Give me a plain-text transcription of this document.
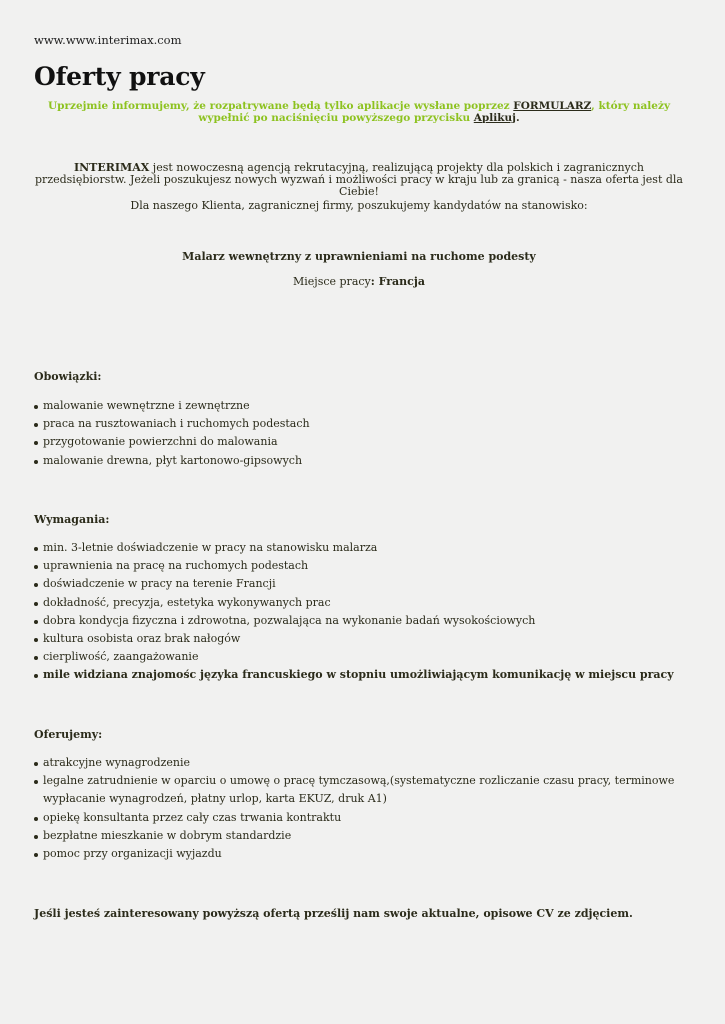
www.www.interimax.com
Oferty pracy
Uprzejmie informujemy, że rozpatrywane będą tylko aplikacje wysłane poprzez FORMULARZ, który należy wypełnić po naciśnięciu powyższego przycisku Aplikuj.
INTERIMAX jest nowoczesną agencją rekrutacyjną, realizującą projekty dla polskich i zagranicznych przedsiębiorstw. Jeżeli poszukujesz nowych wyzwań i możliwości pracy w kraju lub za granicą - nasza oferta jest dla Ciebie!
Dla naszego Klienta, zagranicznej firmy, poszukujemy kandydatów na stanowisko:
Malarz wewnętrzny z uprawnieniami na ruchome podesty
Miejsce pracy: Francja
Obowiązki:
malowanie wewnętrzne i zewnętrzne
praca na rusztowaniach i ruchomych podestach
przygotowanie powierzchni do malowania
malowanie drewna, płyt kartonowo-gipsowych
Wymagania:
min. 3-letnie doświadczenie w pracy na stanowisku malarza
uprawnienia na pracę na ruchomych podestach
doświadczenie w pracy na terenie Francji
dokładność, precyzja, estetyka wykonywanych prac
dobra kondycja fizyczna i zdrowotna, pozwalająca na wykonanie badań wysokościowych
kultura osobista oraz brak nałogów
cierpliwość, zaangażowanie
mile widziana znajomośc języka francuskiego w stopniu umożliwiającym komunikację w miejscu pracy
Oferujemy:
atrakcyjne wynagrodzenie
legalne zatrudnienie w oparciu o umowę o pracę tymczasową,(systematyczne rozliczanie czasu pracy, terminowe wypłacanie wynagrodzeń, płatny urlop, karta EKUZ, druk A1)
opiekę konsultanta przez cały czas trwania kontraktu
bezpłatne mieszkanie w dobrym standardzie
pomoc przy organizacji wyjazdu
Jeśli jesteś zainteresowany powyższą ofertą prześlij nam swoje aktualne, opisowe CV ze zdjęciem.
